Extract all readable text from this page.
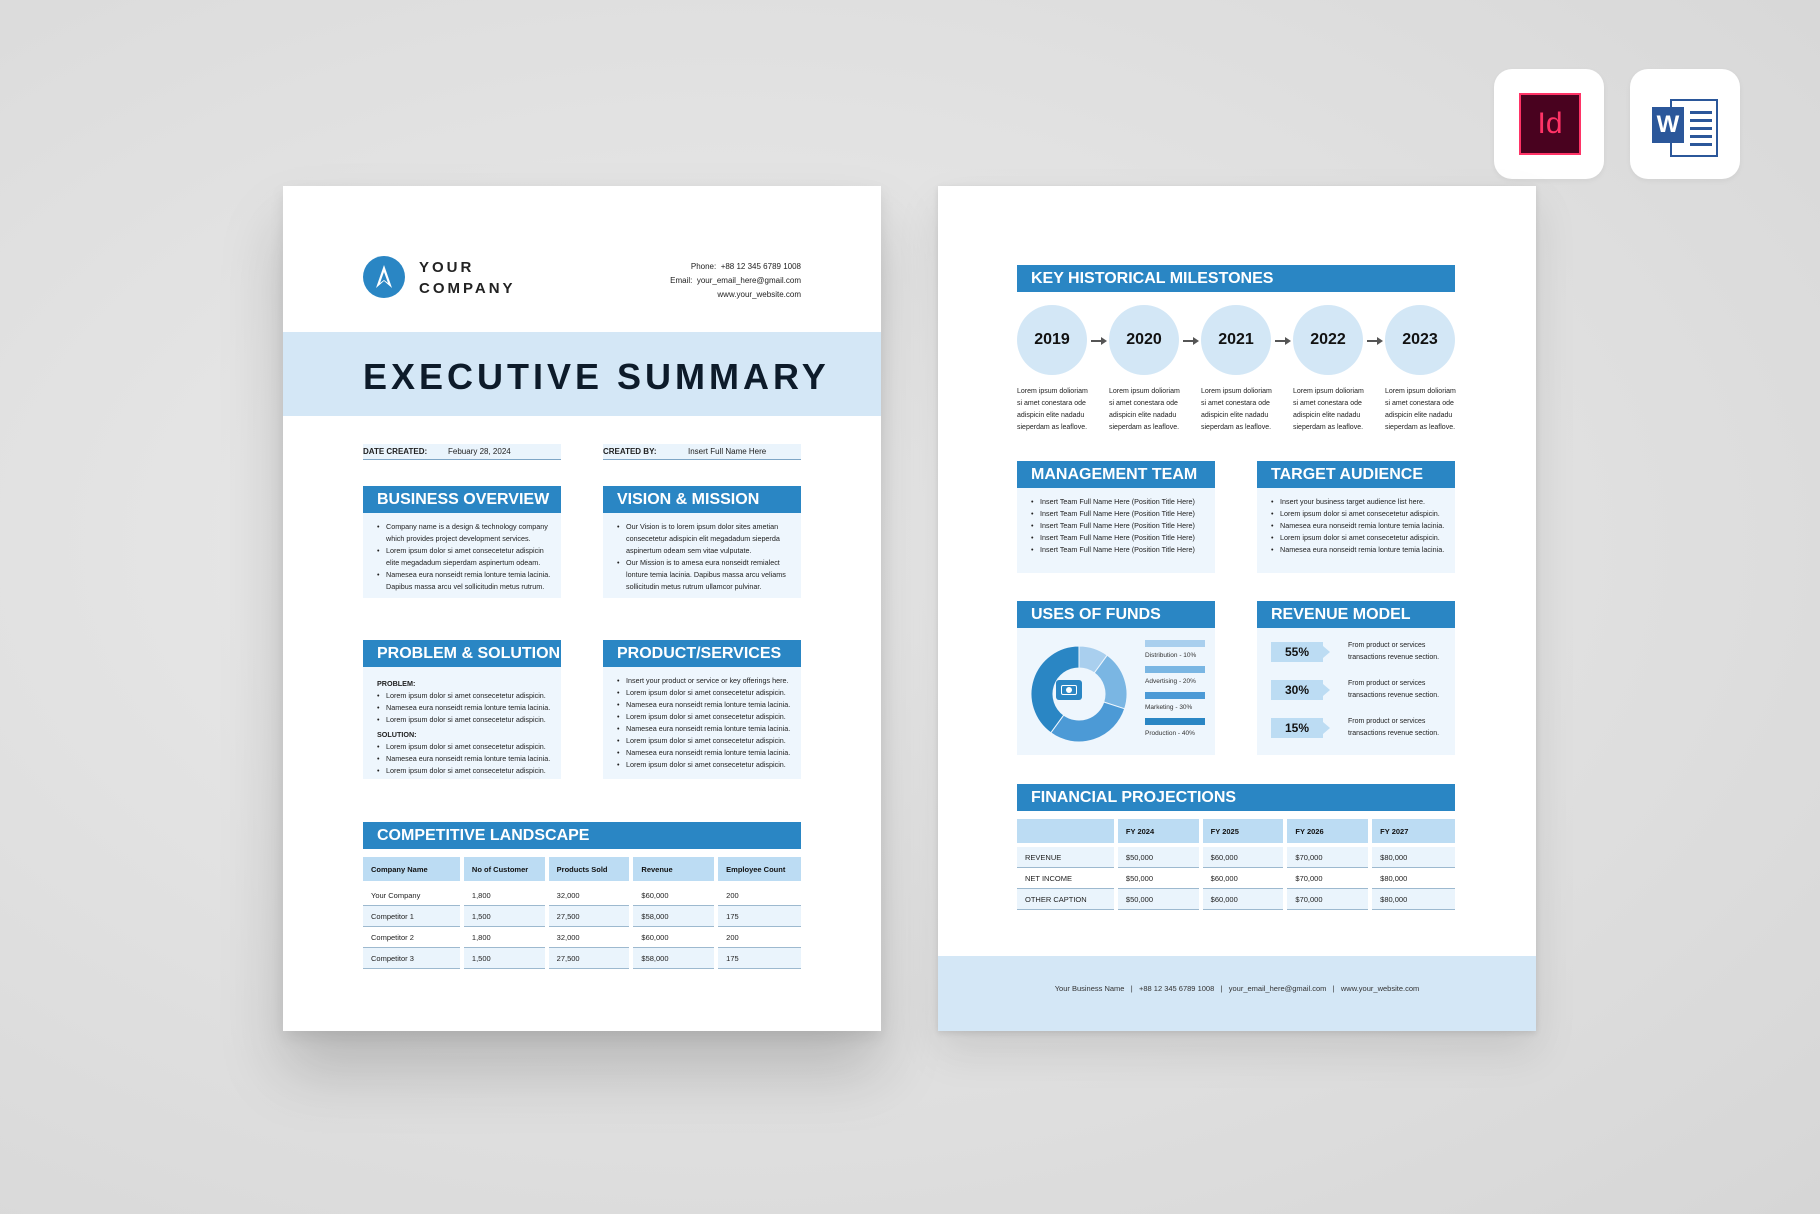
Id	W
YOUR
COMPANY
Phone: +88 12 345 6789 1008
Email: your_email_here@gmail.com
www.your_website.com
EXECUTIVE SUMMARY
DATE CREATED:	Febuary 28, 2024	CREATED BY:	Insert Full Name Here
BUSINESS OVERVIEW
• Company name is a design & technology company which provides project development services.
• Lorem ipsum dolor si amet consecetetur adispicin elite megadadum sieperdam aspinertum odeam.
• Namesea eura nonseidt remia lonture temia lacinia. Dapibus massa arcu vel sollicitudin metus rutrum.
VISION & MISSION
• Our Vision is to lorem ipsum dolor sites ametian consecetetur adispicin elit megadadum sieperda aspinertum odeam sem vitae vulputate.
• Our Mission is to amesa eura nonseidt remialect lonture temia lacinia. Dapibus massa arcu veliams sollicitudin metus rutrum ullamcor pulvinar.
PROBLEM & SOLUTION
PROBLEM:
• Lorem ipsum dolor si amet consecetetur adispicin.
• Namesea eura nonseidt remia lonture temia lacinia.
• Lorem ipsum dolor si amet consecetetur adispicin.
SOLUTION:
• Lorem ipsum dolor si amet consecetetur adispicin.
• Namesea eura nonseidt remia lonture temia lacinia.
• Lorem ipsum dolor si amet consecetetur adispicin.
PRODUCT/SERVICES
• Insert your product or service or key offerings here.
• Lorem ipsum dolor si amet consecetetur adispicin.
• Namesea eura nonseidt remia lonture temia lacinia.
• Lorem ipsum dolor si amet consecetetur adispicin.
• Namesea eura nonseidt remia lonture temia lacinia.
• Lorem ipsum dolor si amet consecetetur adispicin.
• Namesea eura nonseidt remia lonture temia lacinia.
• Lorem ipsum dolor si amet consecetetur adispicin.
COMPETITIVE LANDSCAPE
Company Name	No of Customer	Products Sold	Revenue	Employee Count

Your Company	1,800	32,000	$60,000	200
Competitor 1	1,500	27,500	$58,000	175
Competitor 2	1,800	32,000	$60,000	200
Competitor 3	1,500	27,500	$58,000	175
KEY HISTORICAL MILESTONES
2019	2020	2021	2022	2023
Lorem ipsum dolioriam
si amet conestara ode
adispicin elite nadadu
sieperdam as leaflove.
Lorem ipsum dolioriam
si amet conestara ode
adispicin elite nadadu
sieperdam as leaflove.
Lorem ipsum dolioriam
si amet conestara ode
adispicin elite nadadu
sieperdam as leaflove.
Lorem ipsum dolioriam
si amet conestara ode
adispicin elite nadadu
sieperdam as leaflove.
Lorem ipsum dolioriam
si amet conestara ode
adispicin elite nadadu
sieperdam as leaflove.
MANAGEMENT TEAM
• Insert Team Full Name Here (Position Title Here)
• Insert Team Full Name Here (Position Title Here)
• Insert Team Full Name Here (Position Title Here)
• Insert Team Full Name Here (Position Title Here)
• Insert Team Full Name Here (Position Title Here)
TARGET AUDIENCE
• Insert your business target audience list here.
• Lorem ipsum dolor si amet consecetetur adispicin.
• Namesea eura nonseidt remia lonture temia lacinia.
• Lorem ipsum dolor si amet consecetetur adispicin.
• Namesea eura nonseidt remia lonture temia lacinia.
USES OF FUNDS
Distribution - 10%
Advertising - 20%
Marketing - 30%
Production - 40%
REVENUE MODEL
55%	From product or services
transactions revenue section.
30%	From product or services
transactions revenue section.
15%	From product or services
transactions revenue section.
FINANCIAL PROJECTIONS
	FY 2024	FY 2025	FY 2026	FY 2027

REVENUE	$50,000	$60,000	$70,000	$80,000
NET INCOME	$50,000	$60,000	$70,000	$80,000
OTHER CAPTION	$50,000	$60,000	$70,000	$80,000
Your Business Name | +88 12 345 6789 1008 | your_email_here@gmail.com | www.your_website.com
